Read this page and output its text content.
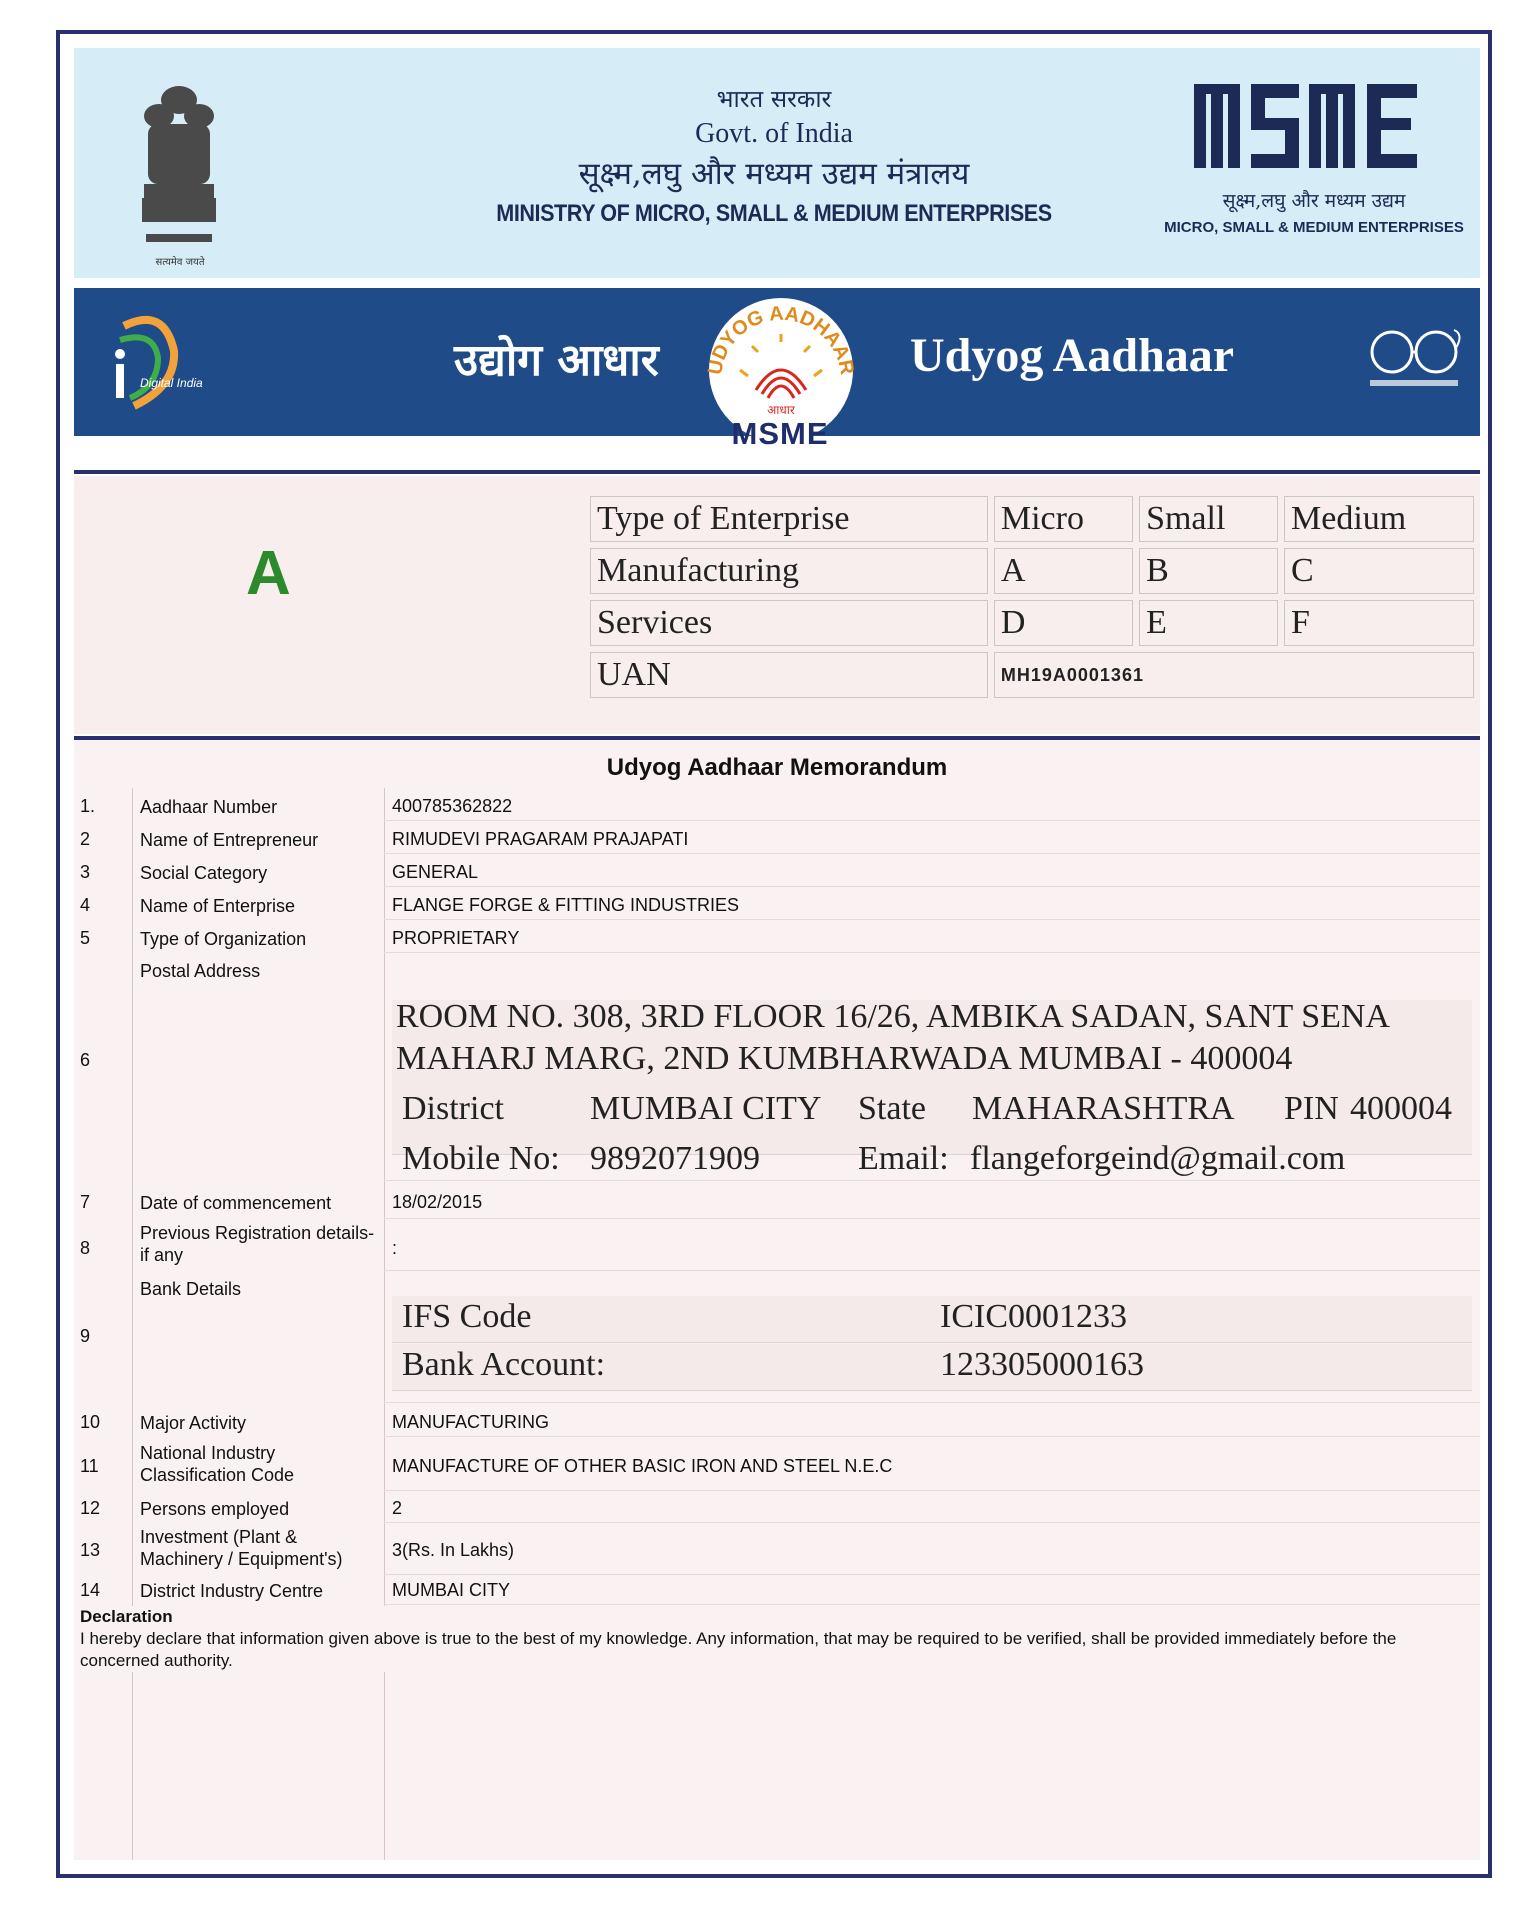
सत्यमेव जयते
भारत सरकार
Govt. of India
सूक्ष्म,लघु और मध्यम उद्यम मंत्रालय
MINISTRY OF MICRO, SMALL & MEDIUM ENTERPRISES	सूक्ष्म,लघु और मध्यम उद्यम
MICRO, SMALL & MEDIUM ENTERPRISES
Digital India	उद्योग आधार	Udyog Aadhaar
UDYOG AADHAAR
आधार
MSME
A
Type of Enterprise	Micro	Small	Medium
Manufacturing	A	B	C
Services	D	E	F
UAN	MH19A0001361		
Udyog Aadhaar Memorandum
1. Aadhaar Number	400785362822
2	Name of Entrepreneur	RIMUDEVI PRAGARAM PRAJAPATI
3	Social Category	GENERAL
4	Name of Enterprise	FLANGE FORGE & FITTING INDUSTRIES
5	Type of Organization	PROPRIETARY
6
Postal Address
ROOM NO. 308, 3RD FLOOR 16/26, AMBIKA SADAN, SANT SENA
MAHARJ MARG, 2ND KUMBHARWADA MUMBAI - 400004
District	MUMBAI CITY State MAHARASHTRA PIN 400004
Mobile No: 9892071909	Email: flangeforgeind@gmail.com
7	Date of commencement	18/02/2015
8
Previous Registration details-if any	:
9
Bank Details
IFS Code	ICIC0001233
Bank Account:	123305000163
10 Major Activity	MANUFACTURING
11
National Industry Classification Code	MANUFACTURE OF OTHER BASIC IRON AND STEEL N.E.C
12 Persons employed	2
13
Investment (Plant & Machinery / Equipment's)	3(Rs. In Lakhs)
14 District Industry Centre	MUMBAI CITY
Declaration
I hereby declare that information given above is true to the best of my knowledge. Any information, that may be required to be verified, shall be provided immediately before the concerned authority.
